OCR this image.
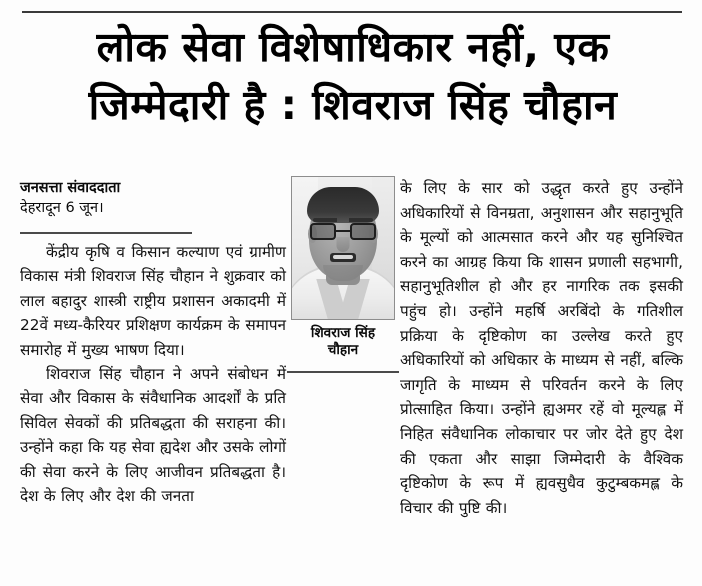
लोक सेवा विशेषाधिकार नहीं, एक
जिम्मेदारी है : शिवराज सिंह चौहान
जनसत्ता संवाददाता
देहरादून 6 जून।
शिवराज सिंह
चौहान

केंद्रीय कृषि व किसान कल्याण एवं ग्रामीण विकास मंत्री शिवराज सिंह चौहान ने शुक्रवार को लाल बहादुर शास्त्री राष्ट्रीय प्रशासन अकादमी में 22वें मध्य-कैरियर प्रशिक्षण कार्यक्रम के समापन समारोह में मुख्य भाषण दिया।

शिवराज सिंह चौहान ने अपने संबोधन में सेवा और विकास के संवैधानिक आदर्शों के प्रति सिविल सेवकों की प्रतिबद्धता की सराहना की। उन्होंने कहा कि यह सेवा ह्यदेश और उसके लोगों की सेवा करने के लिए आजीवन प्रतिबद्धता है। देश के लिए और देश की जनता

के लिए के सार को उद्धृत करते हुए उन्होंने अधिकारियों से विनम्रता, अनुशासन और सहानुभूति के मूल्यों को आत्मसात करने और यह सुनिश्चित करने का आग्रह किया कि शासन प्रणाली सहभागी, सहानुभूतिशील हो और हर नागरिक तक इसकी पहुंच हो। उन्होंने महर्षि अरबिंदो के गतिशील प्रक्रिया के दृष्टिकोण का उल्लेख करते हुए अधिकारियों को अधिकार के माध्यम से नहीं, बल्कि जागृति के माध्यम से परिवर्तन करने के लिए प्रोत्साहित किया। उन्होंने ह्यअमर रहें वो मूल्यह्ल में निहित संवैधानिक लोकाचार पर जोर देते हुए देश की एकता और साझा जिम्मेदारी के वैश्विक दृष्टिकोण के रूप में ह्यवसुधैव कुटुम्बकमह्ल के विचार की पुष्टि की।
